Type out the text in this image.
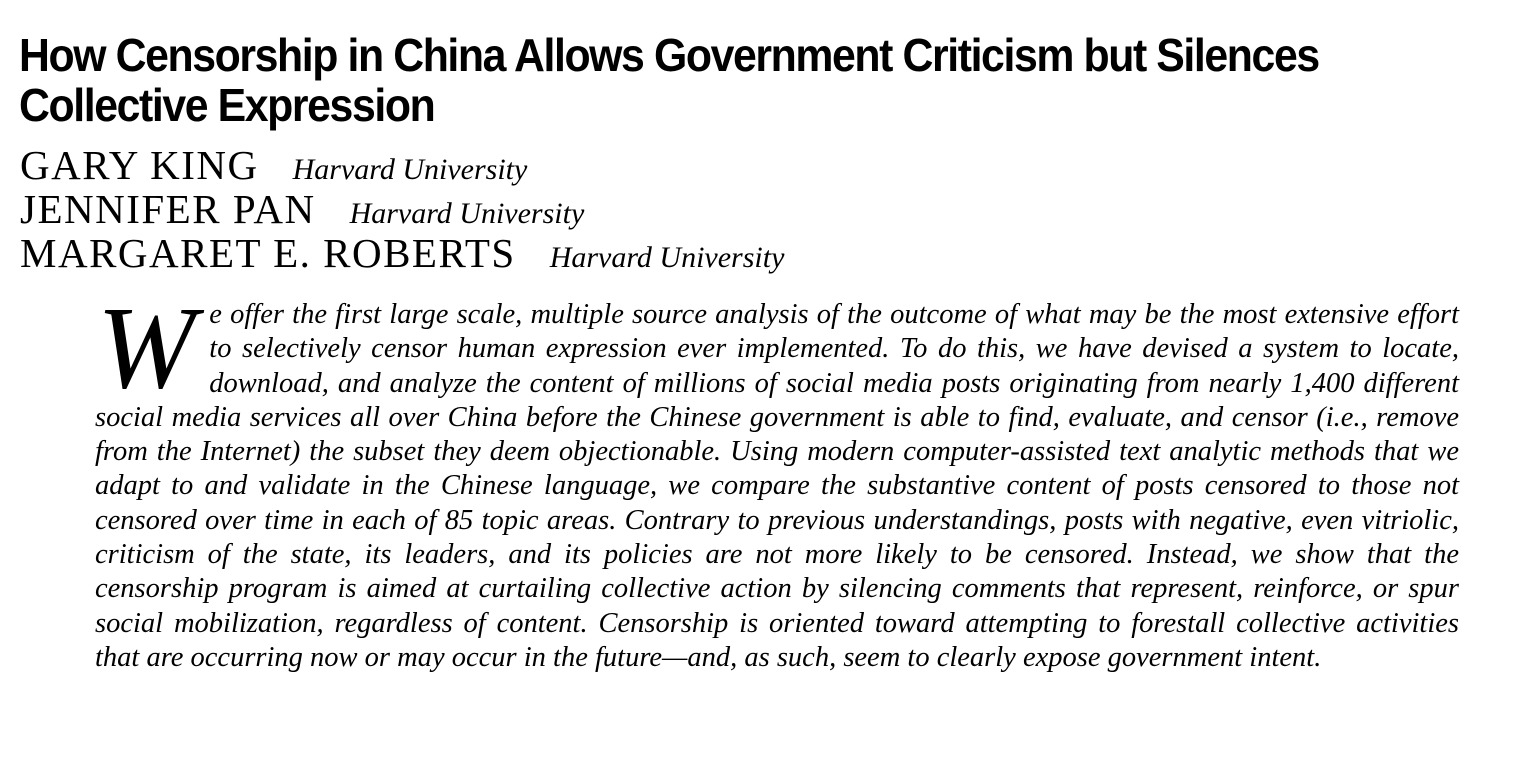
How Censorship in China Allows Government Criticism but Silences
Collective Expression
GARY KING Harvard University
JENNIFER PAN Harvard University
MARGARET E. ROBERTS Harvard University

We offer the first large scale, multiple source analysis of the outcome of what may be the most extensive effort to selectively censor human expression ever implemented. To do this, we have devised a system to locate, download, and analyze the content of millions of social media posts originating from nearly 1,400 different social media services all over China before the Chinese government is able to find, evaluate, and censor (i.e., remove from the Internet) the subset they deem objectionable. Using modern computer-assisted text analytic methods that we adapt to and validate in the Chinese language, we compare the substantive content of posts censored to those not censored over time in each of 85 topic areas. Contrary to previous understandings, posts with negative, even vitriolic, criticism of the state, its leaders, and its policies are not more likely to be censored. Instead, we show that the censorship program is aimed at curtailing collective action by silencing comments that represent, reinforce, or spur social mobilization, regardless of content. Censorship is oriented toward attempting to forestall collective activities that are occurring now or may occur in the future—and, as such, seem to clearly expose government intent.
